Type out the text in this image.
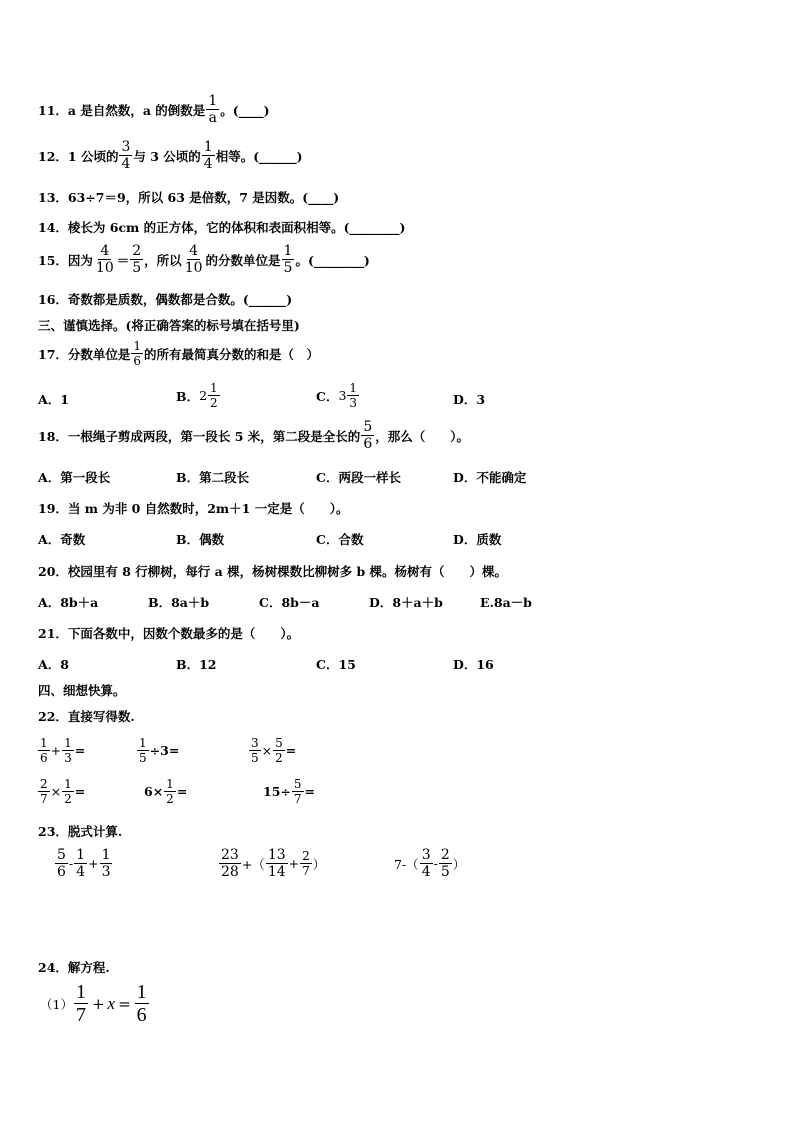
11．a 是自然数，a 的倒数是 $\frac{1}{a}$ 。(____)
12．1 公顷的 $\frac{3}{4}$ 与 3 公顷的 $\frac{1}{4}$ 相等。(______)
13．63÷7＝9，所以 63 是倍数，7 是因数。(____)
14．棱长为 6cm 的正方体，它的体积和表面积相等。(________)
15．因为 $\frac{4}{10} = \frac{2}{5}$ ，所以 $\frac{4}{10}$ 的分数单位是 $\frac{1}{5}$ 。(________)
16．奇数都是质数，偶数都是合数。(______)
三、谨慎选择。(将正确答案的标号填在括号里)
17．分数单位是 $\frac{1}{6}$ 的所有最简真分数的和是（　）
A．1	B． $2 \frac{1}{2}$	C． $3 \frac{1}{3}$	D．3
18．一根绳子剪成两段，第一段长 5 米，第二段是全长的 $\frac{5}{6}$ ，那么（　　）。
A．第一段长	B．第二段长	C．两段一样长	D．不能确定
19．当 m 为非 0 自然数时，2m＋1 一定是（　　）。
A．奇数	B．偶数	C．合数	D．质数
20．校园里有 8 行柳树，每行 a 棵，杨树棵数比柳树多 b 棵。杨树有（　　）棵。
A．8b＋a	B．8a＋b	C．8b－a	D．8＋a＋b	E.8a－b
21．下面各数中，因数个数最多的是（　　）。
A．8	B．12	C．15	D．16
四、细想快算。
22．直接写得数.
$\frac{1}{6} + \frac{1}{3}$ =	$\frac{1}{5} \div 3$ =	$\frac{3}{5} \times \frac{5}{2}$ =
$\frac{2}{7} \times \frac{1}{2}$ =	$6\times \frac{1}{2}$ =	$15\div \frac{5}{7}$ =
23．脱式计算.
$\frac{5}{6} - \frac{1}{4} + \frac{1}{3}$	$\frac{23}{28}$ +（ $\frac{13}{14} + \frac{2}{7}$ ）	$7-( \frac{3}{4} - \frac{2}{5}$ ）
24．解方程.
$(1) \frac{1}{7} + x = \frac{1}{6}$
